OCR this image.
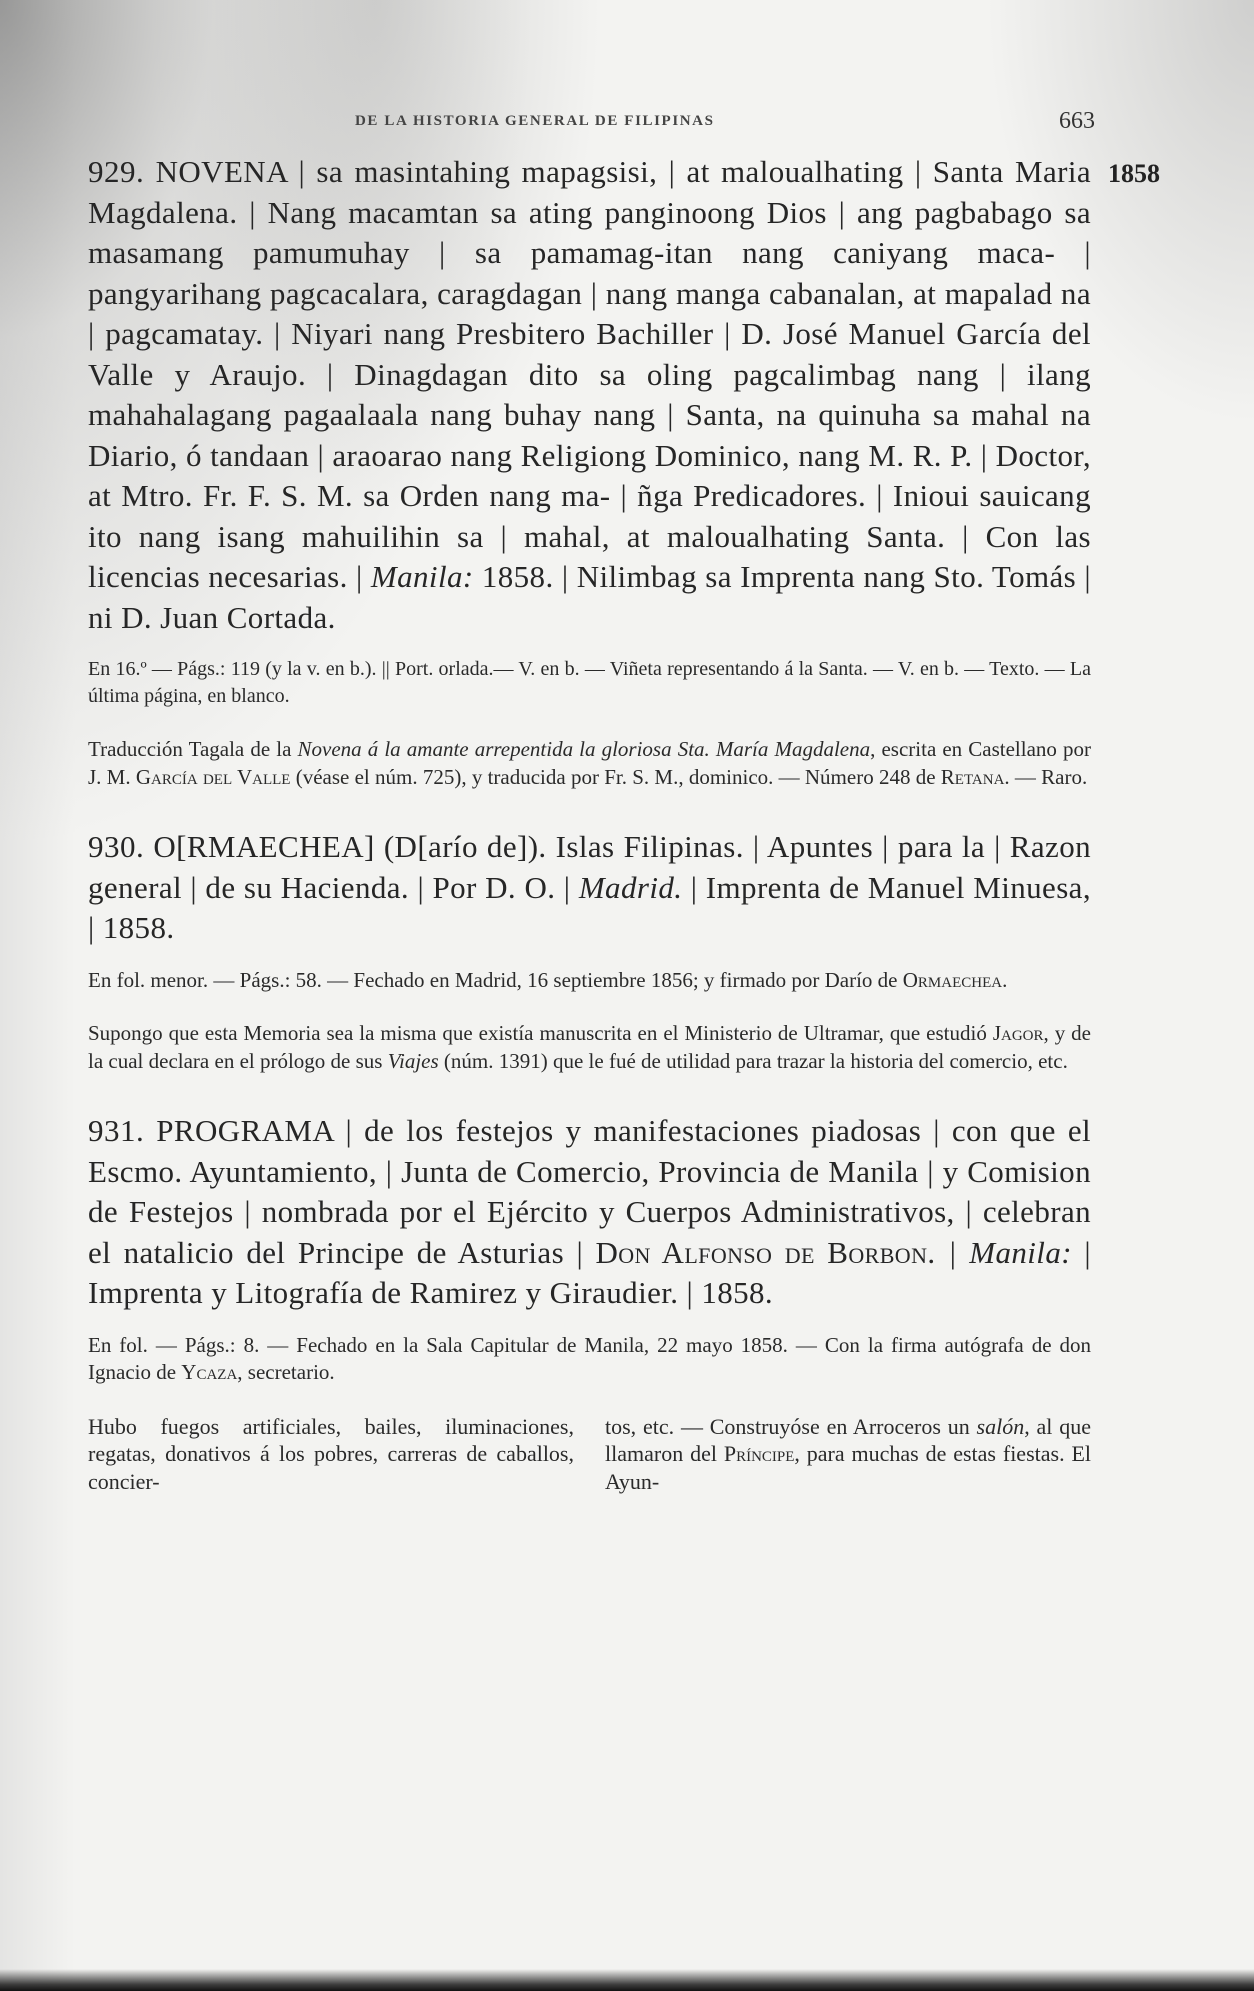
DE LA HISTORIA GENERAL DE FILIPINAS	663
1858

929. NOVENA | sa masintahing mapagsisi, | at maloualhating | Santa Maria Magdalena. | Nang macamtan sa ating panginoong Dios | ang pagbabago sa masamang pamumuhay | sa pamamag-itan nang caniyang maca- | pangyarihang pagcacalara, caragdagan | nang manga cabanalan, at mapalad na | pagcamatay. | Niyari nang Presbitero Bachiller | D. José Manuel García del Valle y Araujo. | Dinagdagan dito sa oling pagcalimbag nang | ilang mahahalagang pagaalaala nang buhay nang | Santa, na quinuha sa mahal na Diario, ó tandaan | araoarao nang Religiong Dominico, nang M. R. P. | Doctor, at Mtro. Fr. F. S. M. sa Orden nang ma- | ñga Predicadores. | Inioui sauicang ito nang isang mahuilihin sa | mahal, at maloualhating Santa. | Con las licencias necesarias. | Manila: 1858. | Nilimbag sa Imprenta nang Sto. Tomás | ni D. Juan Cortada.

En 16.º — Págs.: 119 (y la v. en b.). || Port. orlada.— V. en b. — Viñeta representando á la Santa. — V. en b. — Texto. — La última página, en blanco.

Traducción Tagala de la Novena á la amante arrepentida la gloriosa Sta. María Magdalena, escrita en Castellano por J. M. García del Valle (véase el núm. 725), y traducida por Fr. S. M., dominico. — Número 248 de Retana. — Raro.

930. O[RMAECHEA] (D[arío de]). Islas Filipinas. | Apuntes | para la | Razon general | de su Hacienda. | Por D. O. | Madrid. | Imprenta de Manuel Minuesa, | 1858.

En fol. menor. — Págs.: 58. — Fechado en Madrid, 16 septiembre 1856; y firmado por Darío de Ormaechea.

Supongo que esta Memoria sea la misma que existía manuscrita en el Ministerio de Ultramar, que estudió Jagor, y de la cual declara en el prólogo de sus Viajes (núm. 1391) que le fué de utilidad para trazar la historia del comercio, etc.

931. PROGRAMA | de los festejos y manifestaciones piadosas | con que el Escmo. Ayuntamiento, | Junta de Comercio, Provincia de Manila | y Comision de Festejos | nombrada por el Ejército y Cuerpos Administrativos, | celebran el natalicio del Principe de Asturias | Don Alfonso de Borbon. | Manila: | Imprenta y Litografía de Ramirez y Giraudier. | 1858.

En fol. — Págs.: 8. — Fechado en la Sala Capitular de Manila, 22 mayo 1858. — Con la firma autógrafa de don Ignacio de Ycaza, secretario.

Hubo fuegos artificiales, bailes, iluminaciones, regatas, donativos á los pobres, carreras de caballos, concier-
tos, etc. — Construyóse en Arroceros un salón, al que llamaron del Príncipe, para muchas de estas fiestas. El Ayun-
